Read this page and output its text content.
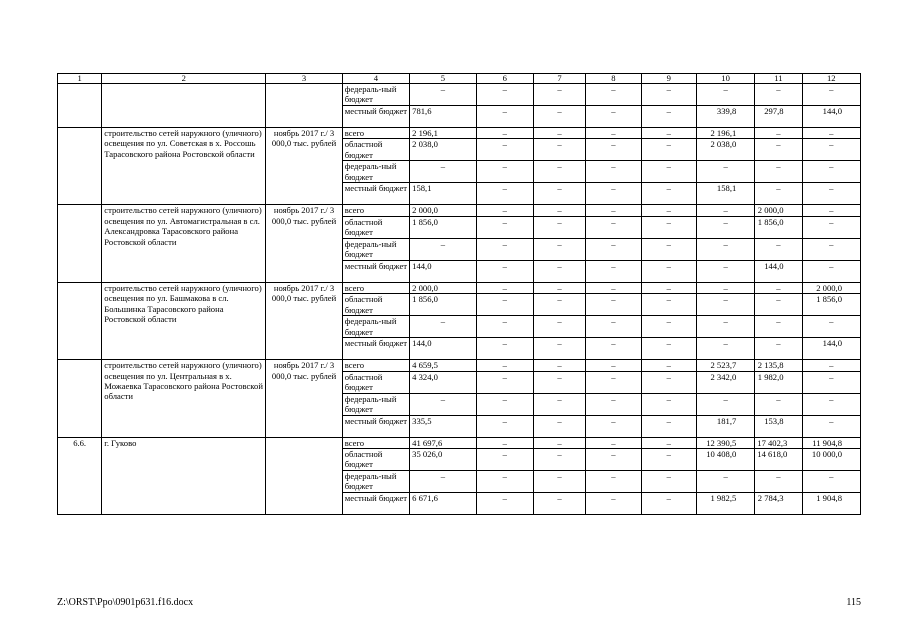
1	2	3	4	5	6	7	8	9	10	11	12
			федераль-ный бюджет	–	–	–	–	–	–	–	–
			местный бюджет	781,6	–	–	–	–	339,8	297,8	144,0
	строительство сетей наружного (уличного) освещения по ул. Советская в х. Россошь Тарасовского района Ростовской области	ноябрь 2017 г./ 3 000,0 тыс. рублей	всего	2 196,1	–	–	–	–	2 196,1	–	–
			областной бюджет	2 038,0	–	–	–	–	2 038,0	–	–
			федераль-ный бюджет	–	–	–	–	–	–	–	–
			местный бюджет	158,1	–	–	–	–	158,1	–	–
	строительство сетей наружного (уличного) освещения по ул. Автомагистральная в сл. Александровка Тарасовского района Ростовской области	ноябрь 2017 г./ 3 000,0 тыс. рублей	всего	2 000,0	–	–	–	–	–	2 000,0	–
			областной бюджет	1 856,0	–	–	–	–	–	1 856,0	–
			федераль-ный бюджет	–	–	–	–	–	–	–	–
			местный бюджет	144,0	–	–	–	–	–	144,0	–
	строительство сетей наружного (уличного) освещения по ул. Башмакова в сл. Большинка Тарасовского района Ростовской области	ноябрь 2017 г./ 3 000,0 тыс. рублей	всего	2 000,0	–	–	–	–	–	–	2 000,0
			областной бюджет	1 856,0	–	–	–	–	–	–	1 856,0
			федераль-ный бюджет	–	–	–	–	–	–	–	–
			местный бюджет	144,0	–	–	–	–	–	–	144,0
	строительство сетей наружного (уличного) освещения по ул. Центральная в х. Можаевка Тарасовского района Ростовской области	ноябрь 2017 г./ 3 000,0 тыс. рублей	всего	4 659,5	–	–	–	–	2 523,7	2 135,8	–
			областной бюджет	4 324,0	–	–	–	–	2 342,0	1 982,0	–
			федераль-ный бюджет	–	–	–	–	–	–	–	–
			местный бюджет	335,5	–	–	–	–	181,7	153,8	–
6.6.	г. Гуково		всего	41 697,6	–	–	–	–	12 390,5	17 402,3	11 904,8
			областной бюджет	35 026,0	–	–	–	–	10 408,0	14 618,0	10 000,0
			федераль-ный бюджет	–	–	–	–	–	–	–	–
			местный бюджет	6 671,6	–	–	–	–	1 982,5	2 784,3	1 904,8
Z:\ORST\Ppo\0901p631.f16.docx	115
